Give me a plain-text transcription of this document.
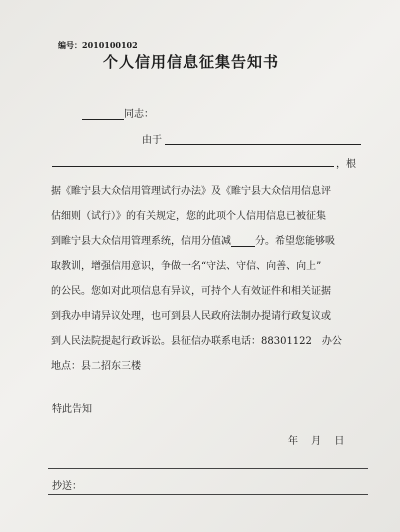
编号：2010100102
个人信用信息征集告知书
同志：
由于
，根
据《睢宁县大众信用管理试行办法》及《睢宁县大众信用信息评
估细则（试行）》的有关规定，您的此项个人信用信息已被征集
到睢宁县大众信用管理系统，信用分值减 分。希望您能够吸
取教训，增强信用意识，争做一名“守法、守信、向善、向上”
的公民。您如对此项信息有异议，可持个人有效证件和相关证据
到我办申请异议处理，也可到县人民政府法制办提请行政复议或
到人民法院提起行政诉讼。县征信办联系电话：88301122　办公
地点：县二招东三楼
特此告知
年　 月　 日
抄送：
